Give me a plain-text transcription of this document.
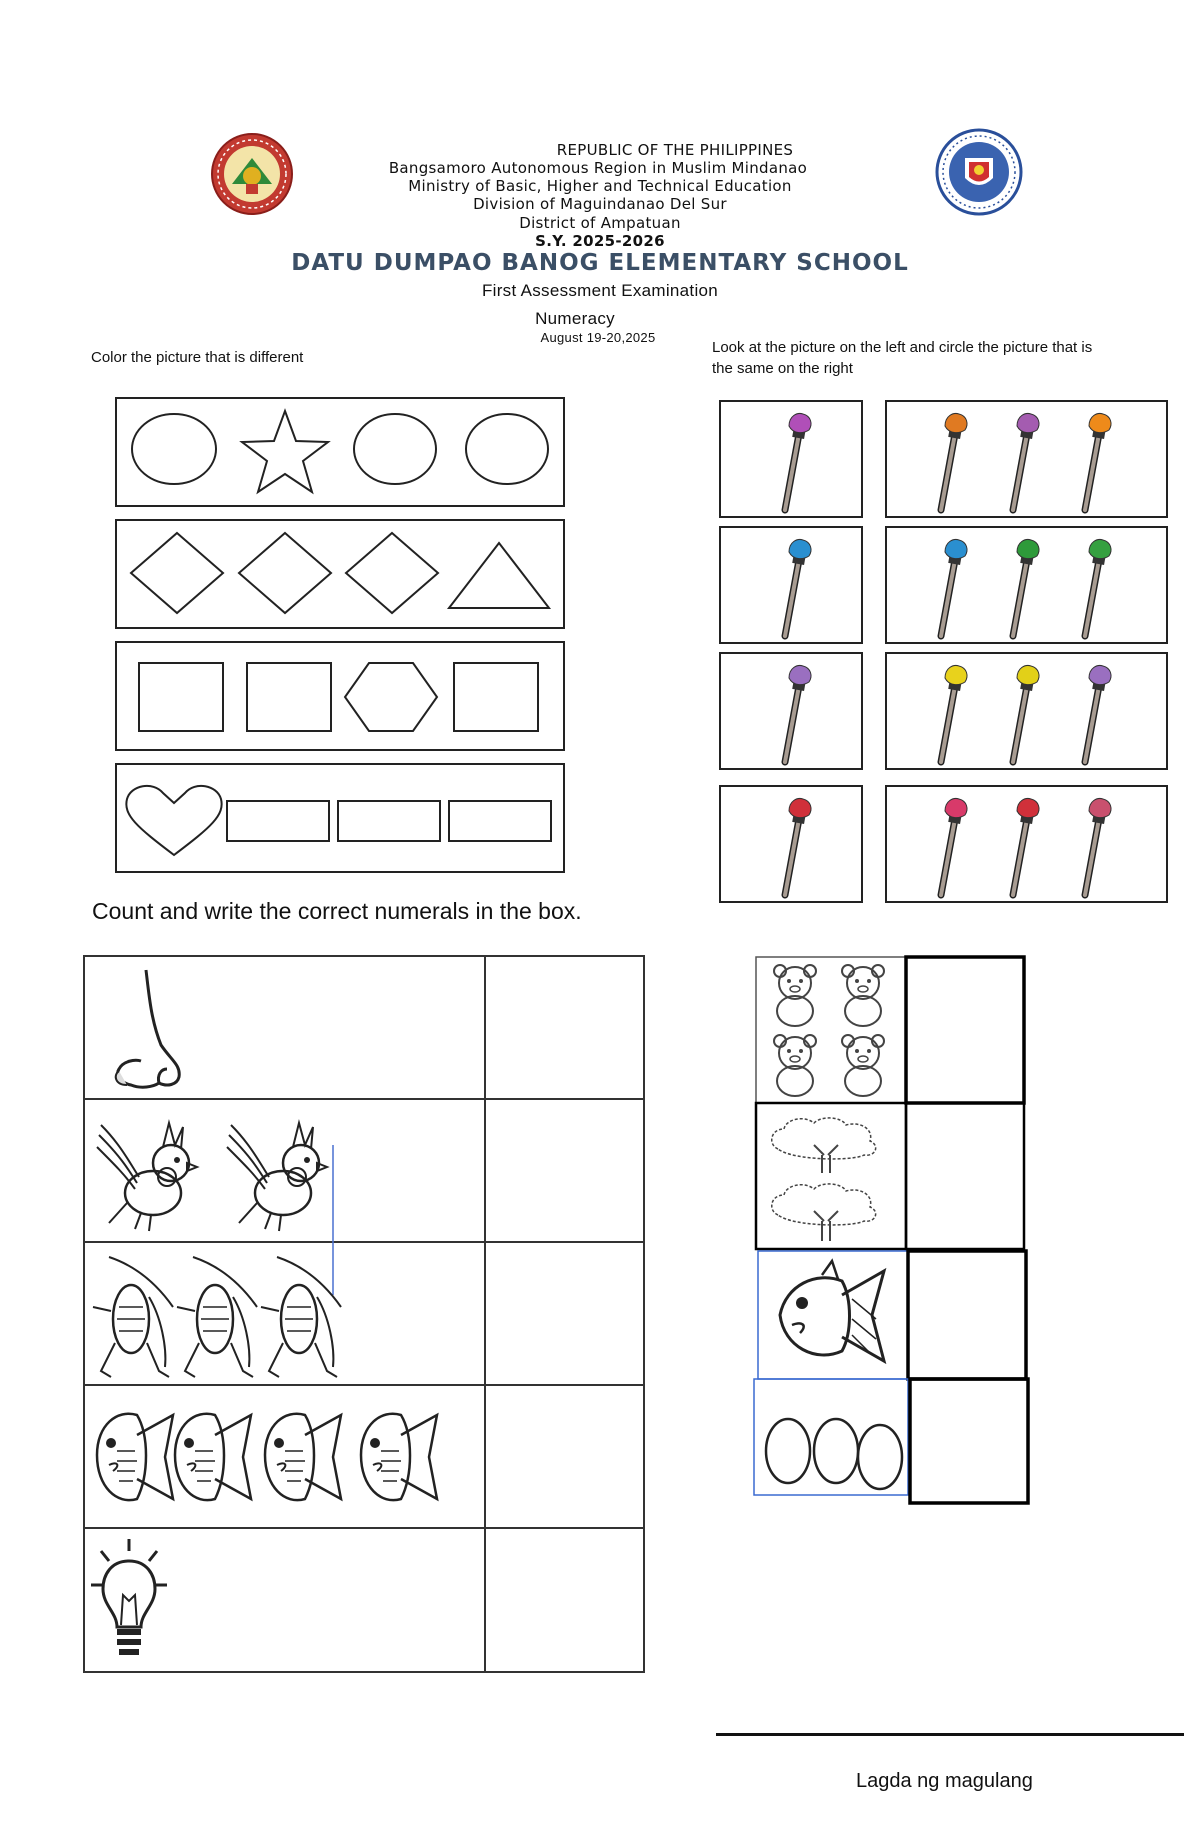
REPUBLIC OF THE PHILIPPINES
Bangsamoro Autonomous Region in Muslim Mindanao
Ministry of Basic, Higher and Technical Education
Division of Maguindanao Del Sur
District of Ampatuan
S.Y. 2025-2026
DATU DUMPAO BANOG ELEMENTARY SCHOOL
First Assessment Examination
Numeracy
August 19-20,2025
Color the picture that is different
Look at the picture on the left and circle the picture that is
the same on the right
Count and write the correct numerals in the box.
Lagda ng magulang
